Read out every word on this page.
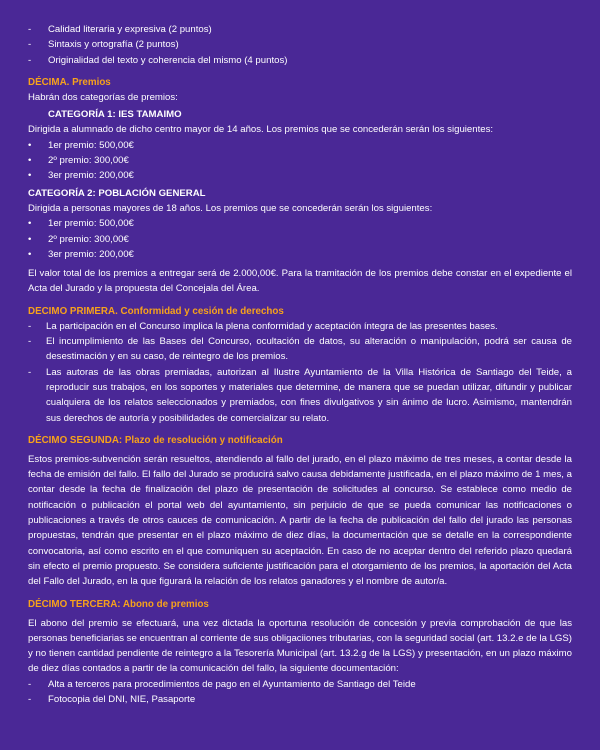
-	Calidad literaria y expresiva (2 puntos)
-	Sintaxis y ortografía (2 puntos)
-	Originalidad del texto y coherencia del mismo (4 puntos)
DÉCIMA. Premios

Habrán dos categorías de premios:

CATEGORÍA 1: IES TAMAIMO

Dirigida a alumnado de dicho centro mayor de 14 años. Los premios que se concederán serán los siguientes:

•	1er premio: 500,00€
•	2º premio: 300,00€
•	3er premio: 200,00€

CATEGORÍA 2: POBLACIÓN GENERAL

Dirigida a personas mayores de 18 años. Los premios que se concederán serán los siguientes:

•	1er premio: 500,00€
•	2º premio: 300,00€
•	3er premio: 200,00€

El valor total de los premios a entregar será de 2.000,00€. Para la tramitación de los premios debe constar en el expediente el Acta del Jurado y la propuesta del Concejala del Área.

DECIMO PRIMERA. Conformidad y cesión de derechos
-	La participación en el Concurso implica la plena conformidad y aceptación íntegra de las presentes bases.
-	El incumplimiento de las Bases del Concurso, ocultación de datos, su alteración o manipulación, podrá ser causa de desestimación y en su caso, de reintegro de los premios.
-	Las autoras de las obras premiadas, autorizan al Ilustre Ayuntamiento de la Villa Histórica de Santiago del Teide, a reproducir sus trabajos, en los soportes y materiales que determine, de manera que se puedan utilizar, difundir y publicar cualquiera de los relatos seleccionados y premiados, con fines divulgativos y sin ánimo de lucro. Asimismo, mantendrán sus derechos de autoría y posibilidades de comercializar su relato.
DÉCIMO SEGUNDA: Plazo de resolución y notificación

Estos premios-subvención serán resueltos, atendiendo al fallo del jurado, en el plazo máximo de tres meses, a contar desde la fecha de emisión del fallo. El fallo del Jurado se producirá salvo causa debidamente justificada, en el plazo máximo de 1 mes, a contar desde la fecha de finalización del plazo de presentación de solicitudes al concurso. Se establece como medio de notificación o publicación el portal web del ayuntamiento, sin perjuicio de que se pueda comunicar las notificaciones o publicaciones a través de otros cauces de comunicación. A partir de la fecha de publicación del fallo del jurado las personas propuestas, tendrán que presentar en el plazo máximo de diez días, la documentación que se detalle en la correspondiente convocatoria, así como escrito en el que comuniquen su aceptación. En caso de no aceptar dentro del referido plazo quedará sin efecto el premio propuesto. Se considera suficiente justificación para el otorgamiento de los premios, la aportación del Acta del Fallo del Jurado, en la que figurará la relación de los relatos ganadores y el nombre de autor/a.

DÉCIMO TERCERA: Abono de premios

El abono del premio se efectuará, una vez dictada la oportuna resolución de concesión y previa comprobación de que las personas beneficiarias se encuentran al corriente de sus obligaciiones tributarias, con la seguridad social (art. 13.2.e de la LGS) y no tienen cantidad pendiente de reintegro a la Tesorería Municipal (art. 13.2.g de la LGS) y presentación, en un plazo máximo de diez días contados a partir de la comunicación del fallo, la siguiente documentación:

-	Alta a terceros para procedimientos de pago en el Ayuntamiento de Santiago del Teide
-	Fotocopia del DNI, NIE, Pasaporte
